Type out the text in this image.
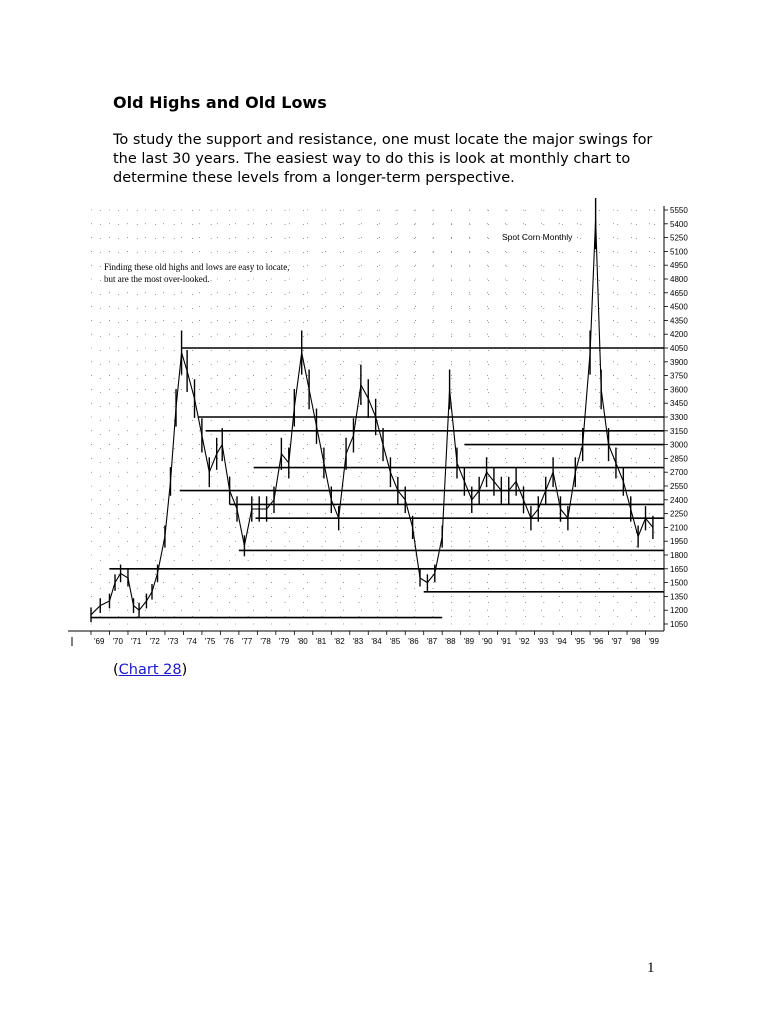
Old Highs and Old Lows

To study the support and resistance, one must locate the major swings for the last 30 years. The easiest way to do this is look at monthly chart to determine these levels from a longer-term perspective.

5550
5400
5250
5100
4950
4800
4650
4500
4350
4200
4050
3900
3750
3600
3450
3300
3150
3000
2850
2700
2550
2400
2250
2100
1950
1800
1650
1500
1350
1200
1050
'69 '70 '71 '72 '73 '74 '75 '76 '77 '78 '79 '80 '81 '82 '83 '84 '85 '86 '87 '88 '89 '90 '91 '92 '93 '94 '95 '96 '97 '98 '99
Spot Corn Monthly
Finding these old highs and lows are easy to locate,
but are the most over-looked.
(Chart 28)
1
